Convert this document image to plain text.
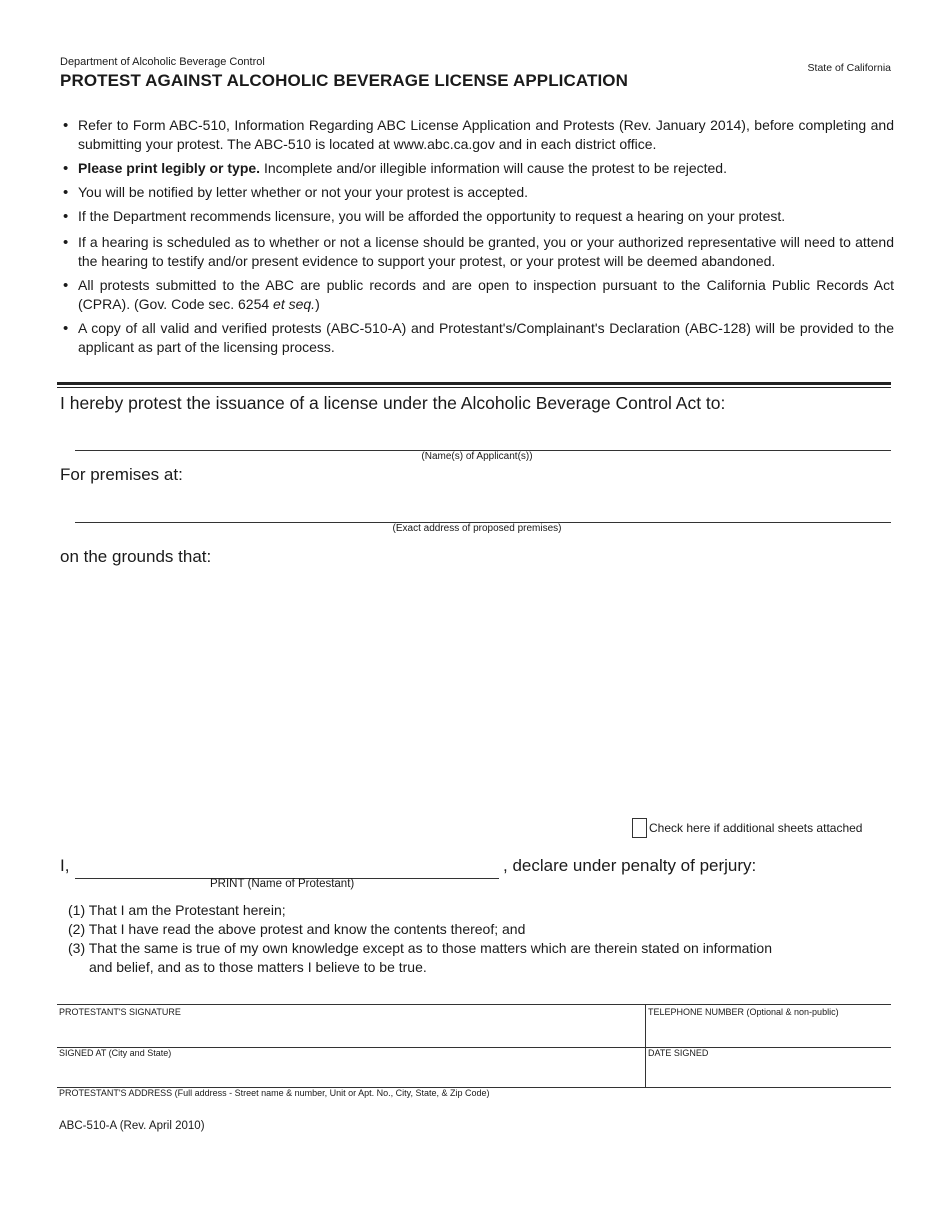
Department of Alcoholic Beverage Control	State of California
PROTEST AGAINST ALCOHOLIC BEVERAGE LICENSE APPLICATION
• Refer to Form ABC-510, Information Regarding ABC License Application and Protests (Rev. January 2014), before completing and submitting your protest. The ABC-510 is located at www.abc.ca.gov and in each district office.
• Please print legibly or type. Incomplete and/or illegible information will cause the protest to be rejected.
• You will be notified by letter whether or not your your protest is accepted.
• If the Department recommends licensure, you will be afforded the opportunity to request a hearing on your protest.
• If a hearing is scheduled as to whether or not a license should be granted, you or your authorized representative will need to attend the hearing to testify and/or present evidence to support your protest, or your protest will be deemed abandoned.
• All protests submitted to the ABC are public records and are open to inspection pursuant to the California Public Records Act (CPRA). (Gov. Code sec. 6254 et seq.)
• A copy of all valid and verified protests (ABC-510-A) and Protestant's/Complainant's Declaration (ABC-128) will be provided to the applicant as part of the licensing process.
I hereby protest the issuance of a license under the Alcoholic Beverage Control Act to:
(Name(s) of Applicant(s))
For premises at:
(Exact address of proposed premises)
on the grounds that:
Check here if additional sheets attached
I,	, declare under penalty of perjury:
PRINT (Name of Protestant)
(1) That I am the Protestant herein;
(2) That I have read the above protest and know the contents thereof; and
(3) That the same is true of my own knowledge except as to those matters which are therein stated on information
and belief, and as to those matters I believe to be true.
PROTESTANT'S SIGNATURE	TELEPHONE NUMBER (Optional & non-public)
SIGNED AT (City and State)	DATE SIGNED
PROTESTANT'S ADDRESS (Full address - Street name & number, Unit or Apt. No., City, State, & Zip Code)
ABC-510-A (Rev. April 2010)
